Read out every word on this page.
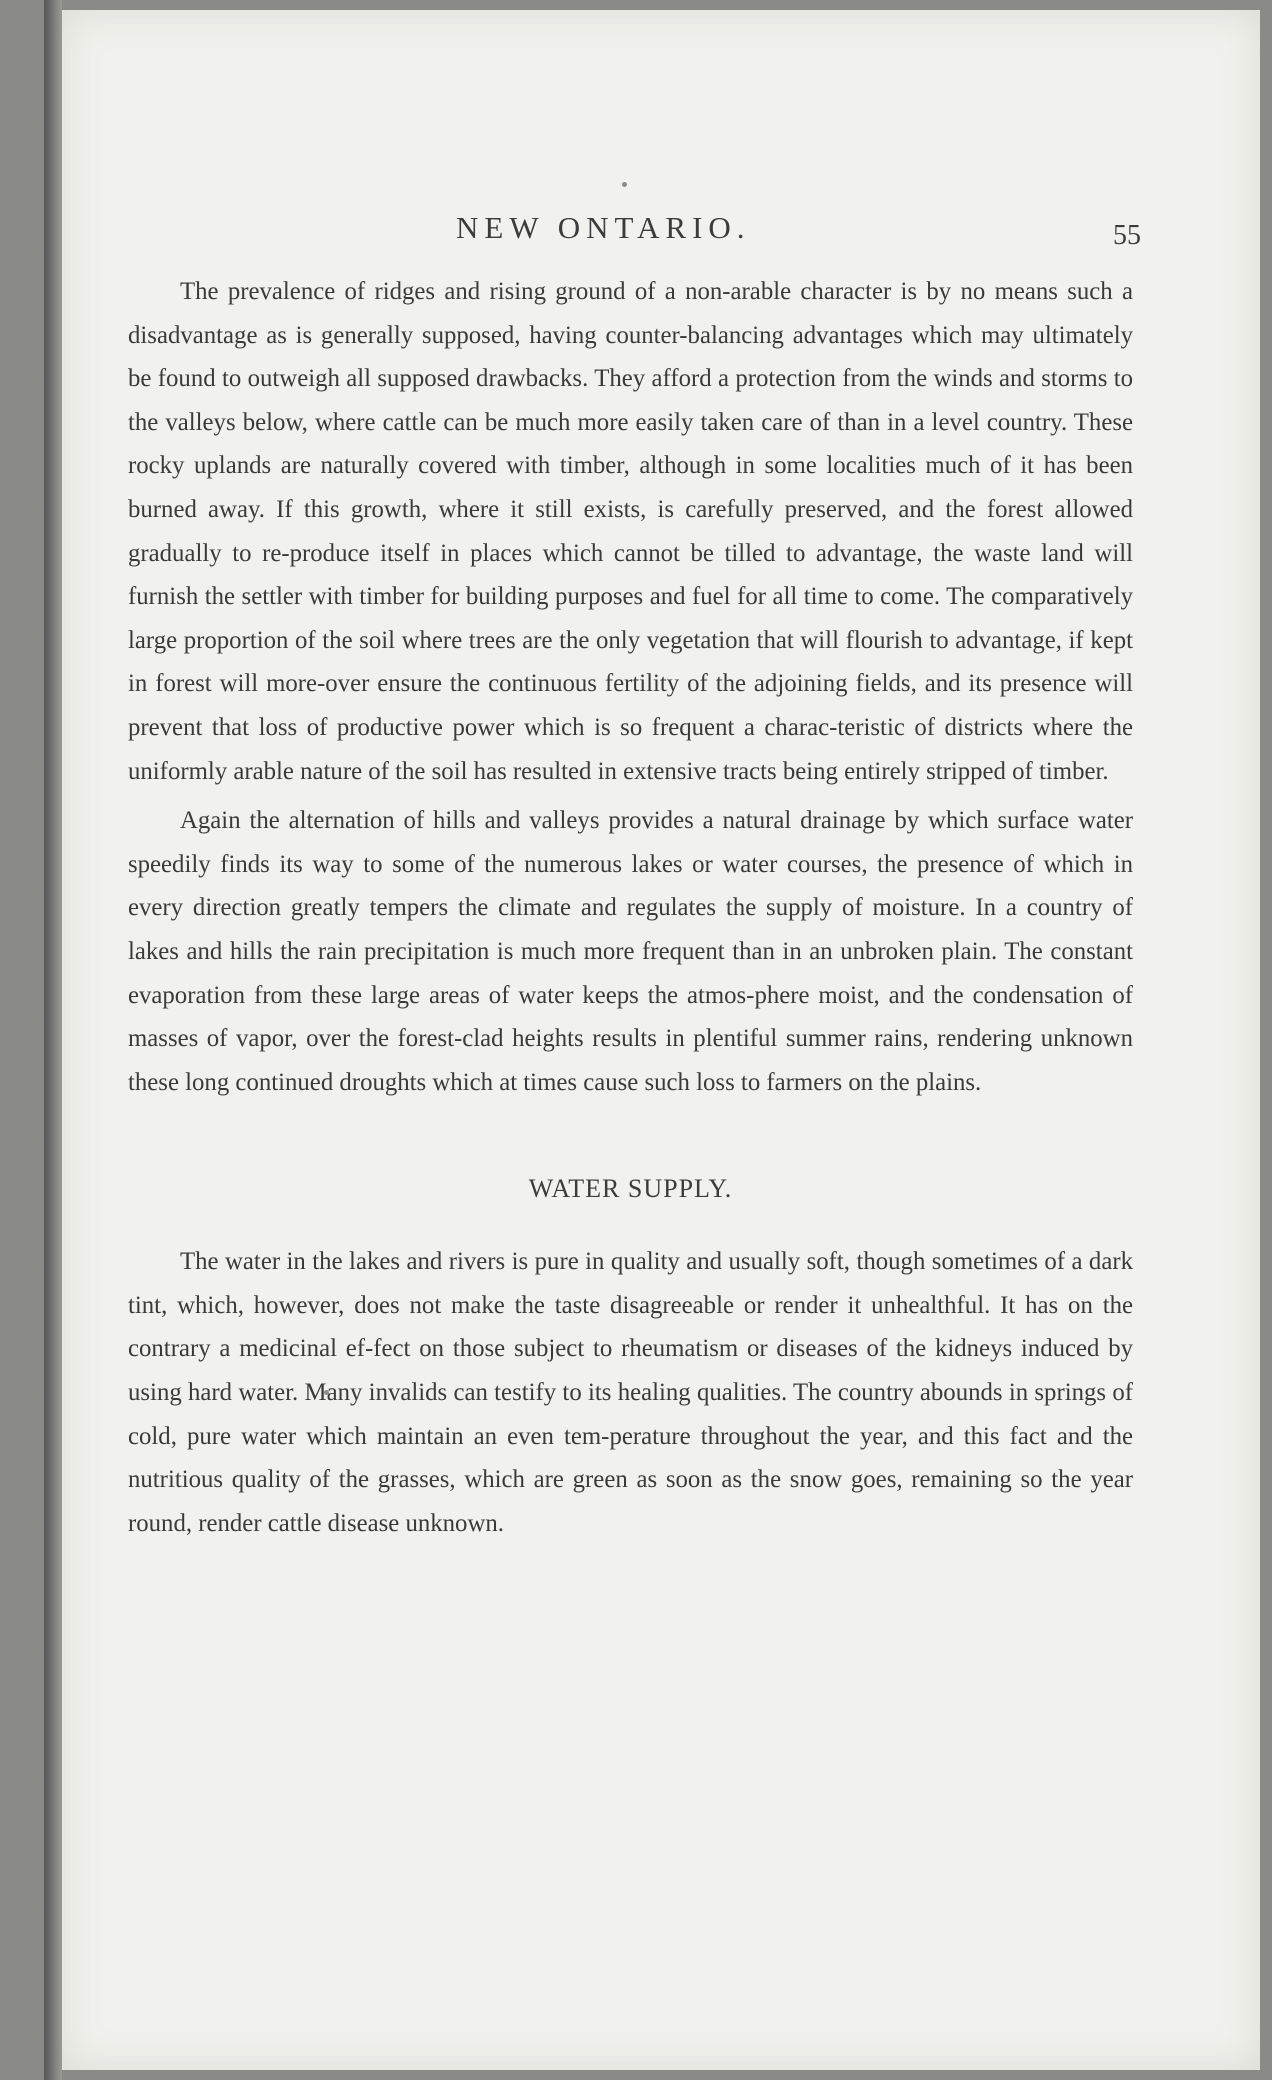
NEW ONTARIO.	55

The prevalence of ridges and rising ground of a non-arable character is by no means such a disadvantage as is generally supposed, having counter-balancing advantages which may ultimately be found to outweigh all supposed drawbacks. They afford a protection from the winds and storms to the valleys below, where cattle can be much more easily taken care of than in a level country. These rocky uplands are naturally covered with timber, although in some localities much of it has been burned away. If this growth, where it still exists, is carefully preserved, and the forest allowed gradually to re-produce itself in places which cannot be tilled to advantage, the waste land will furnish the settler with timber for building purposes and fuel for all time to come. The comparatively large proportion of the soil where trees are the only vegetation that will flourish to advantage, if kept in forest will more-over ensure the continuous fertility of the adjoining fields, and its presence will prevent that loss of productive power which is so frequent a charac-teristic of districts where the uniformly arable nature of the soil has resulted in extensive tracts being entirely stripped of timber.

Again the alternation of hills and valleys provides a natural drainage by which surface water speedily finds its way to some of the numerous lakes or water courses, the presence of which in every direction greatly tempers the climate and regulates the supply of moisture. In a country of lakes and hills the rain precipitation is much more frequent than in an unbroken plain. The constant evaporation from these large areas of water keeps the atmos-phere moist, and the condensation of masses of vapor, over the forest-clad heights results in plentiful summer rains, rendering unknown these long continued droughts which at times cause such loss to farmers on the plains.

WATER SUPPLY.

The water in the lakes and rivers is pure in quality and usually soft, though sometimes of a dark tint, which, however, does not make the taste disagreeable or render it unhealthful. It has on the contrary a medicinal ef-fect on those subject to rheumatism or diseases of the kidneys induced by using hard water. Many invalids can testify to its healing qualities. The country abounds in springs of cold, pure water which maintain an even tem-perature throughout the year, and this fact and the nutritious quality of the grasses, which are green as soon as the snow goes, remaining so the year round, render cattle disease unknown.
